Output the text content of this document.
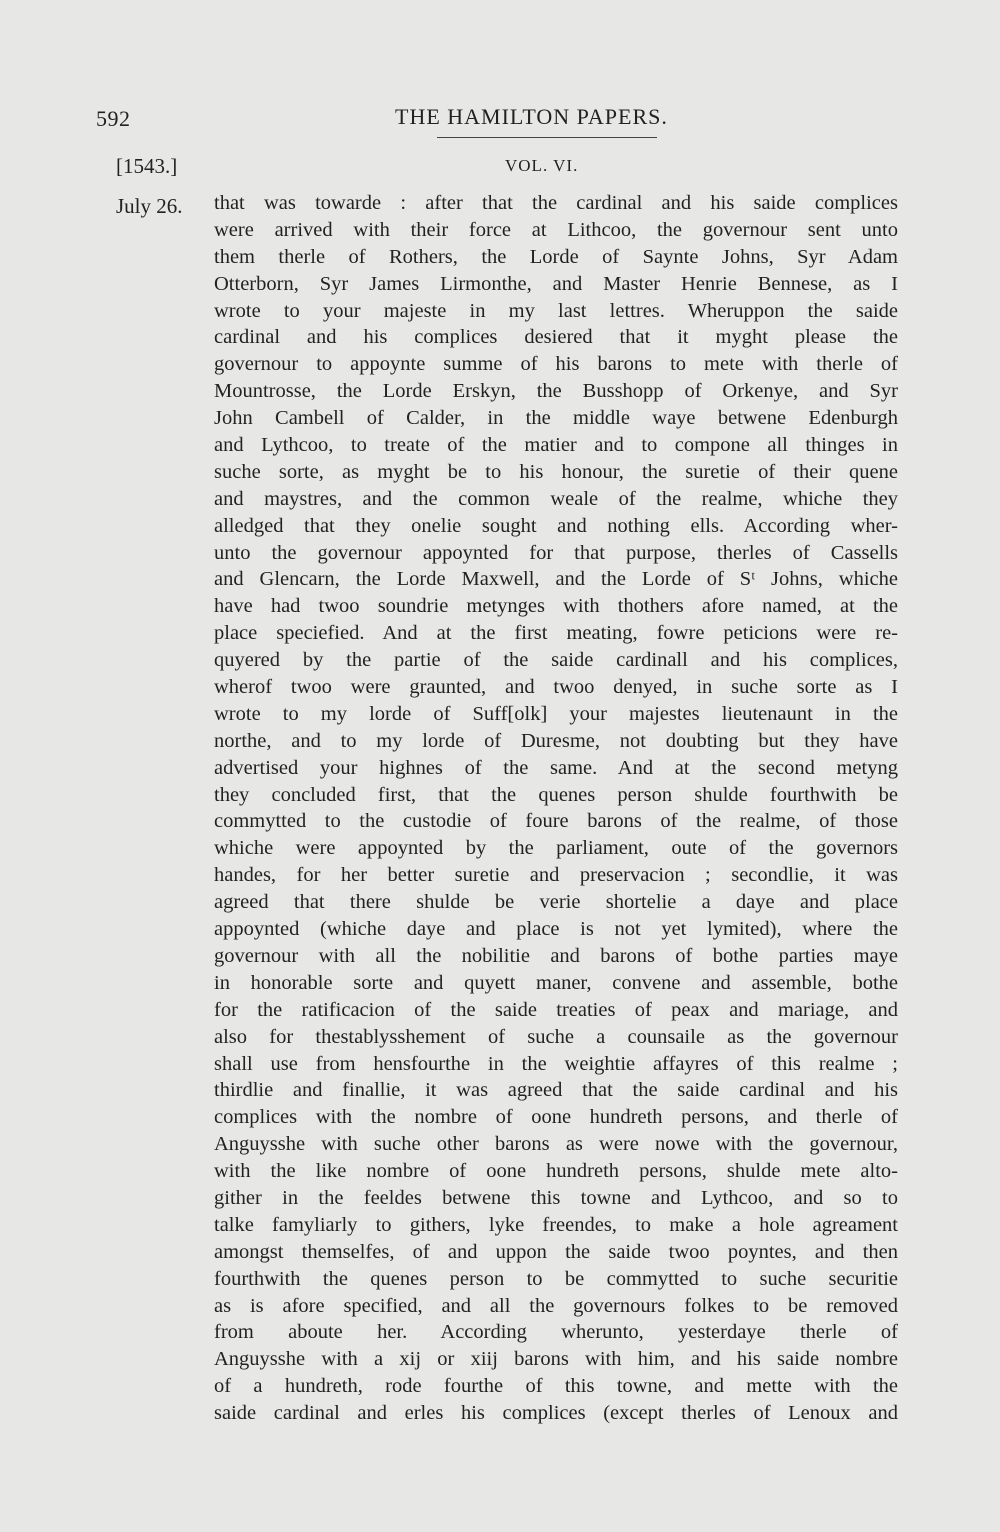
592	THE HAMILTON PAPERS.
[1543.]	VOL. VI.
July 26. that was towarde : after that the cardinal and his saide complices
were arrived with their force at Lithcoo, the governour sent unto
them therle of Rothers, the Lorde of Saynte Johns, Syr Adam
Otterborn, Syr James Lirmonthe, and Master Henrie Bennese, as I
wrote to your majeste in my last lettres. Wheruppon the saide
cardinal and his complices desiered that it myght please the
governour to appoynte summe of his barons to mete with therle of
Mountrosse, the Lorde Erskyn, the Busshopp of Orkenye, and Syr
John Cambell of Calder, in the middle waye betwene Edenburgh
and Lythcoo, to treate of the matier and to compone all thinges in
suche sorte, as myght be to his honour, the suretie of their quene
and maystres, and the common weale of the realme, whiche they
alledged that they onelie sought and nothing ells. According wher-
unto the governour appoynted for that purpose, therles of Cassells
and Glencarn, the Lorde Maxwell, and the Lorde of Sᵗ Johns, whiche
have had twoo soundrie metynges with thothers afore named, at the
place speciefied. And at the first meating, fowre peticions were re-
quyered by the partie of the saide cardinall and his complices,
wherof twoo were graunted, and twoo denyed, in suche sorte as I
wrote to my lorde of Suff[olk] your majestes lieutenaunt in the
northe, and to my lorde of Duresme, not doubting but they have
advertised your highnes of the same. And at the second metyng
they concluded first, that the quenes person shulde fourthwith be
commytted to the custodie of foure barons of the realme, of those
whiche were appoynted by the parliament, oute of the governors
handes, for her better suretie and preservacion ; secondlie, it was
agreed that there shulde be verie shortelie a daye and place
appoynted (whiche daye and place is not yet lymited), where the
governour with all the nobilitie and barons of bothe parties maye
in honorable sorte and quyett maner, convene and assemble, bothe
for the ratificacion of the saide treaties of peax and mariage, and
also for thestablysshement of suche a counsaile as the governour
shall use from hensfourthe in the weightie affayres of this realme ;
thirdlie and finallie, it was agreed that the saide cardinal and his
complices with the nombre of oone hundreth persons, and therle of
Anguysshe with suche other barons as were nowe with the governour,
with the like nombre of oone hundreth persons, shulde mete alto-
gither in the feeldes betwene this towne and Lythcoo, and so to
talke famyliarly to githers, lyke freendes, to make a hole agreament
amongst themselfes, of and uppon the saide twoo poyntes, and then
fourthwith the quenes person to be commytted to suche securitie
as is afore specified, and all the governours folkes to be removed
from aboute her. According wherunto, yesterdaye therle of
Anguysshe with a xij or xiij barons with him, and his saide nombre
of a hundreth, rode fourthe of this towne, and mette with the
saide cardinal and erles his complices (except therles of Lenoux and
